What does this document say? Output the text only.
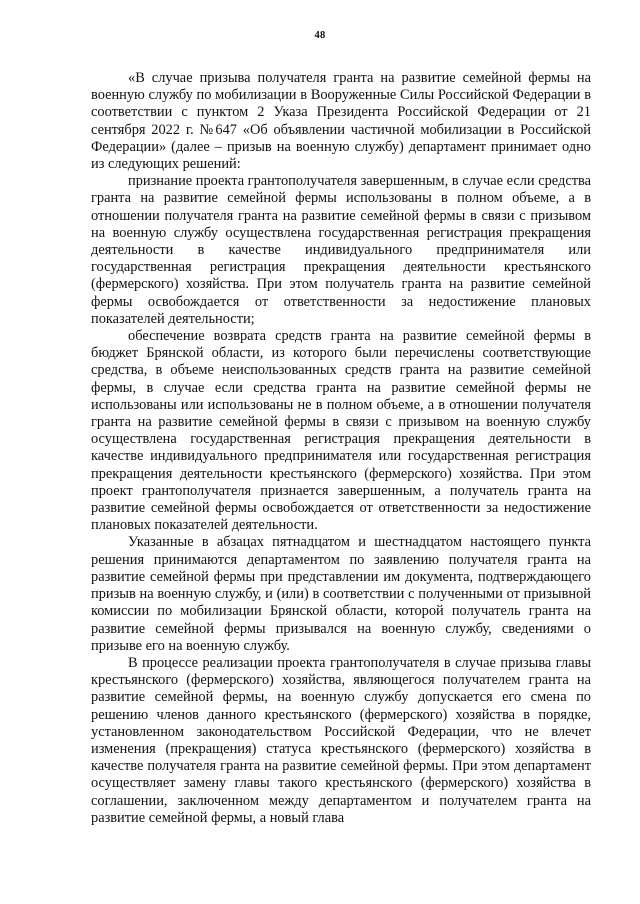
48

«В случае призыва получателя гранта на развитие семейной фермы на военную службу по мобилизации в Вооруженные Силы Российской Федерации в соответствии с пунктом 2 Указа Президента Российской Федерации от 21 сентября 2022 г. №647 «Об объявлении частичной мобилизации в Российской Федерации» (далее – призыв на военную службу) департамент принимает одно из следующих решений:

признание проекта грантополучателя завершенным, в случае если средства гранта на развитие семейной фермы использованы в полном объеме, а в отношении получателя гранта на развитие семейной фермы в связи с призывом на военную службу осуществлена государственная регистрация прекращения деятельности в качестве индивидуального предпринимателя или государственная регистрация прекращения деятельности крестьянского (фермерского) хозяйства. При этом получатель гранта на развитие семейной фермы освобождается от ответственности за недостижение плановых показателей деятельности;

обеспечение возврата средств гранта на развитие семейной фермы в бюджет Брянской области, из которого были перечислены соответствующие средства, в объеме неиспользованных средств гранта на развитие семейной фермы, в случае если средства гранта на развитие семейной фермы не использованы или использованы не в полном объеме, а в отношении получателя гранта на развитие семейной фермы в связи с призывом на военную службу осуществлена государственная регистрация прекращения деятельности в качестве индивидуального предпринимателя или государственная регистрация прекращения деятельности крестьянского (фермерского) хозяйства. При этом проект грантополучателя признается завершенным, а получатель гранта на развитие семейной фермы освобождается от ответственности за недостижение плановых показателей деятельности.

Указанные в абзацах пятнадцатом и шестнадцатом настоящего пункта решения принимаются департаментом по заявлению получателя гранта на развитие семейной фермы при представлении им документа, подтверждающего призыв на военную службу, и (или) в соответствии с полученными от призывной комиссии по мобилизации Брянской области, которой получатель гранта на развитие семейной фермы призывался на военную службу, сведениями о призыве его на военную службу.

В процессе реализации проекта грантополучателя в случае призыва главы крестьянского (фермерского) хозяйства, являющегося получателем гранта на развитие семейной фермы, на военную службу допускается его смена по решению членов данного крестьянского (фермерского) хозяйства в порядке, установленном законодательством Российской Федерации, что не влечет изменения (прекращения) статуса крестьянского (фермерского) хозяйства в качестве получателя гранта на развитие семейной фермы. При этом департамент осуществляет замену главы такого крестьянского (фермерского) хозяйства в соглашении, заключенном между департаментом и получателем гранта на развитие семейной фермы, а новый глава
